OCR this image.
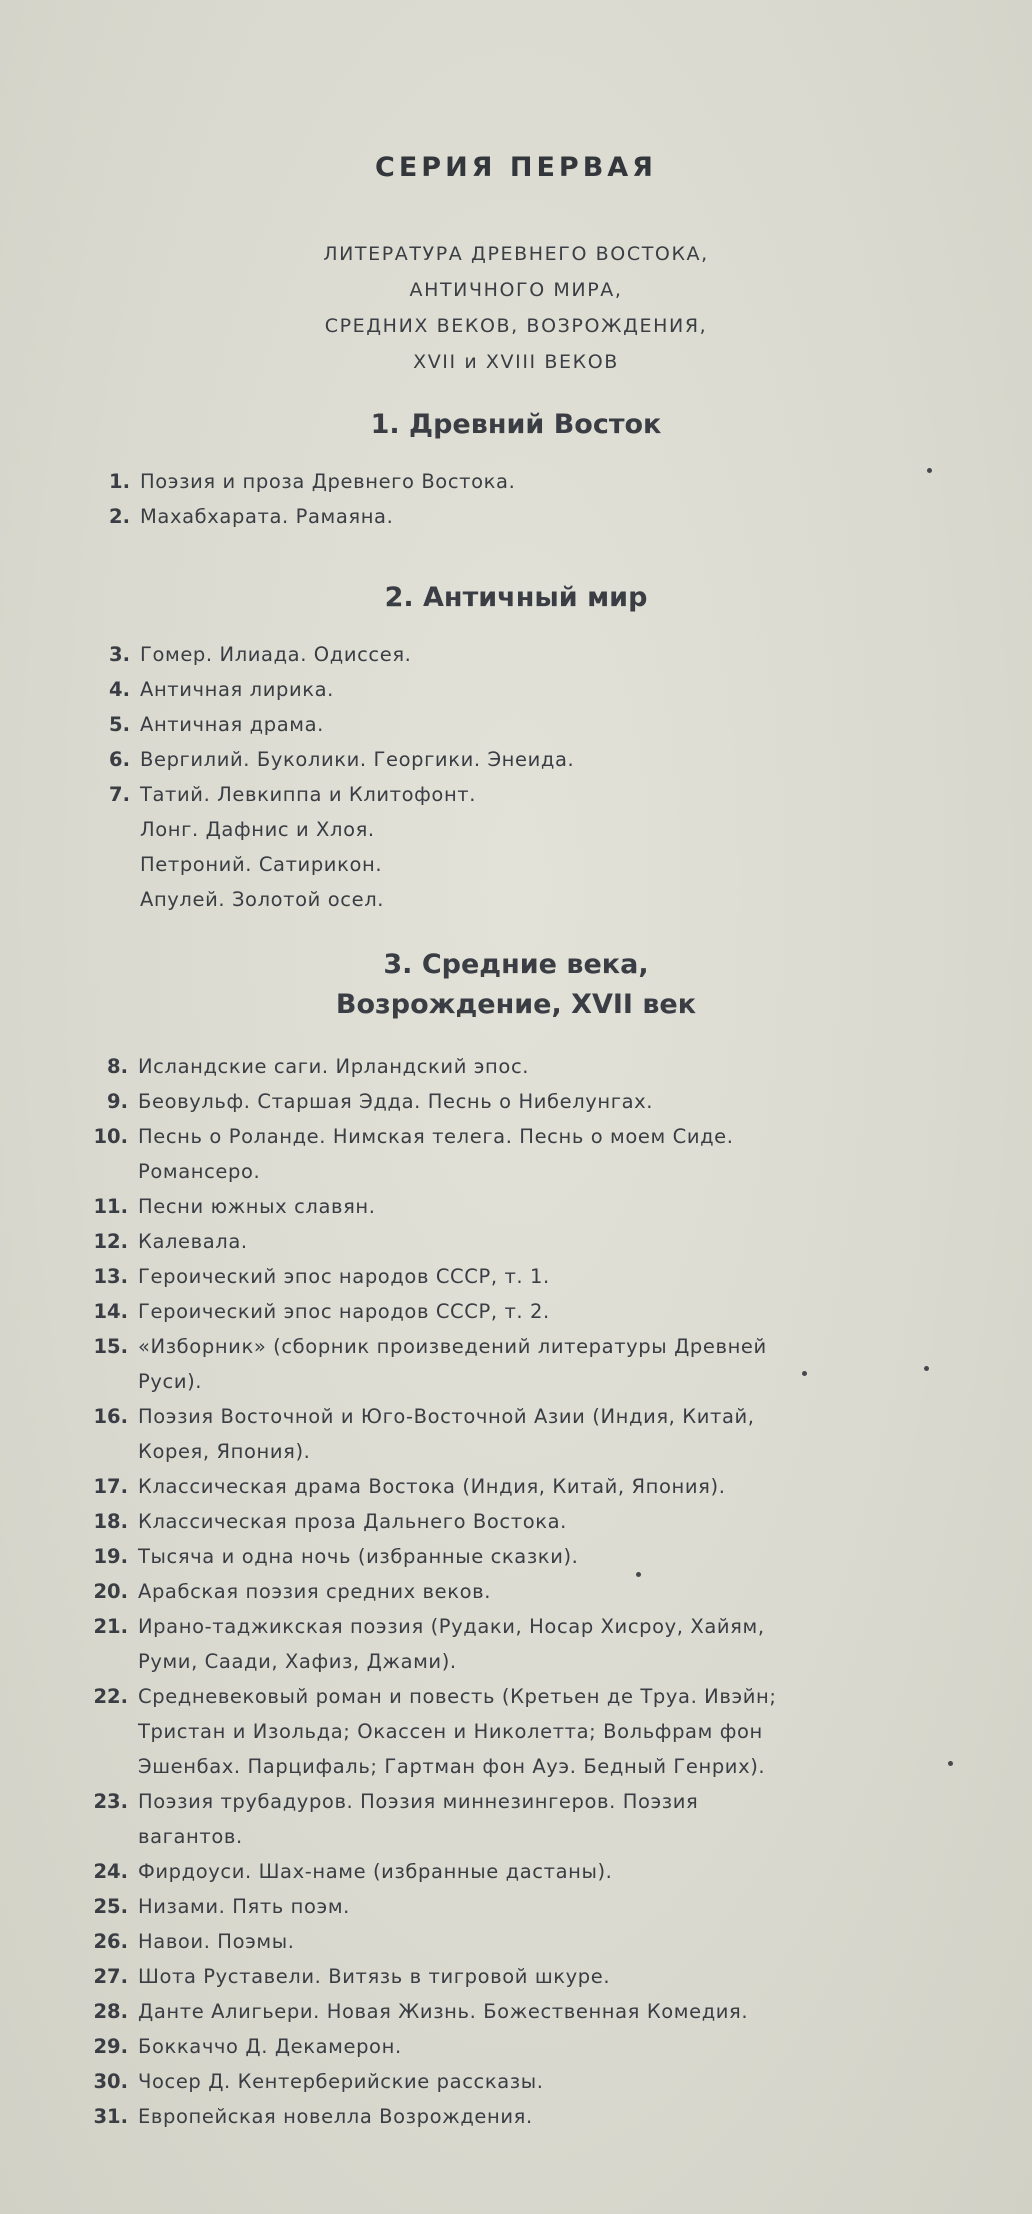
СЕРИЯ ПЕРВАЯ
ЛИТЕРАТУРА ДРЕВНЕГО ВОСТОКА,
АНТИЧНОГО МИРА,
СРЕДНИХ ВЕКОВ, ВОЗРОЖДЕНИЯ,
XVII и XVIII ВЕКОВ
1. Древний Восток
1. Поэзия и проза Древнего Востока.
2. Махабхарата. Рамаяна.
2. Античный мир
3. Гомер. Илиада. Одиссея.
4. Античная лирика.
5. Античная драма.
6. Вергилий. Буколики. Георгики. Энеида.
7. Татий. Левкиппа и Клитофонт.
Лонг. Дафнис и Хлоя.
Петроний. Сатирикон.
Апулей. Золотой осел.
3. Средние века,
Возрождение, XVII век
8. Исландские саги. Ирландский эпос.
9. Беовульф. Старшая Эдда. Песнь о Нибелунгах.
10. Песнь о Роланде. Нимская телега. Песнь о моем Сиде.
Романсеро.
11. Песни южных славян.
12. Калевала.
13. Героический эпос народов СССР, т. 1.
14. Героический эпос народов СССР, т. 2.
15. «Изборник» (сборник произведений литературы Древней
Руси).
16. Поэзия Восточной и Юго-Восточной Азии (Индия, Китай,
Корея, Япония).
17. Классическая драма Востока (Индия, Китай, Япония).
18. Классическая проза Дальнего Востока.
19. Тысяча и одна ночь (избранные сказки).
20. Арабская поэзия средних веков.
21. Ирано-таджикская поэзия (Рудаки, Носар Хисроу, Хайям,
Руми, Саади, Хафиз, Джами).
22. Средневековый роман и повесть (Кретьен де Труа. Ивэйн;
Тристан и Изольда; Окассен и Николетта; Вольфрам фон
Эшенбах. Парцифаль; Гартман фон Ауэ. Бедный Генрих).
23. Поэзия трубадуров. Поэзия миннезингеров. Поэзия
вагантов.
24. Фирдоуси. Шах-наме (избранные дастаны).
25. Низами. Пять поэм.
26. Навои. Поэмы.
27. Шота Руставели. Витязь в тигровой шкуре.
28. Данте Алигьери. Новая Жизнь. Божественная Комедия.
29. Боккаччо Д. Декамерон.
30. Чосер Д. Кентерберийские рассказы.
31. Европейская новелла Возрождения.
